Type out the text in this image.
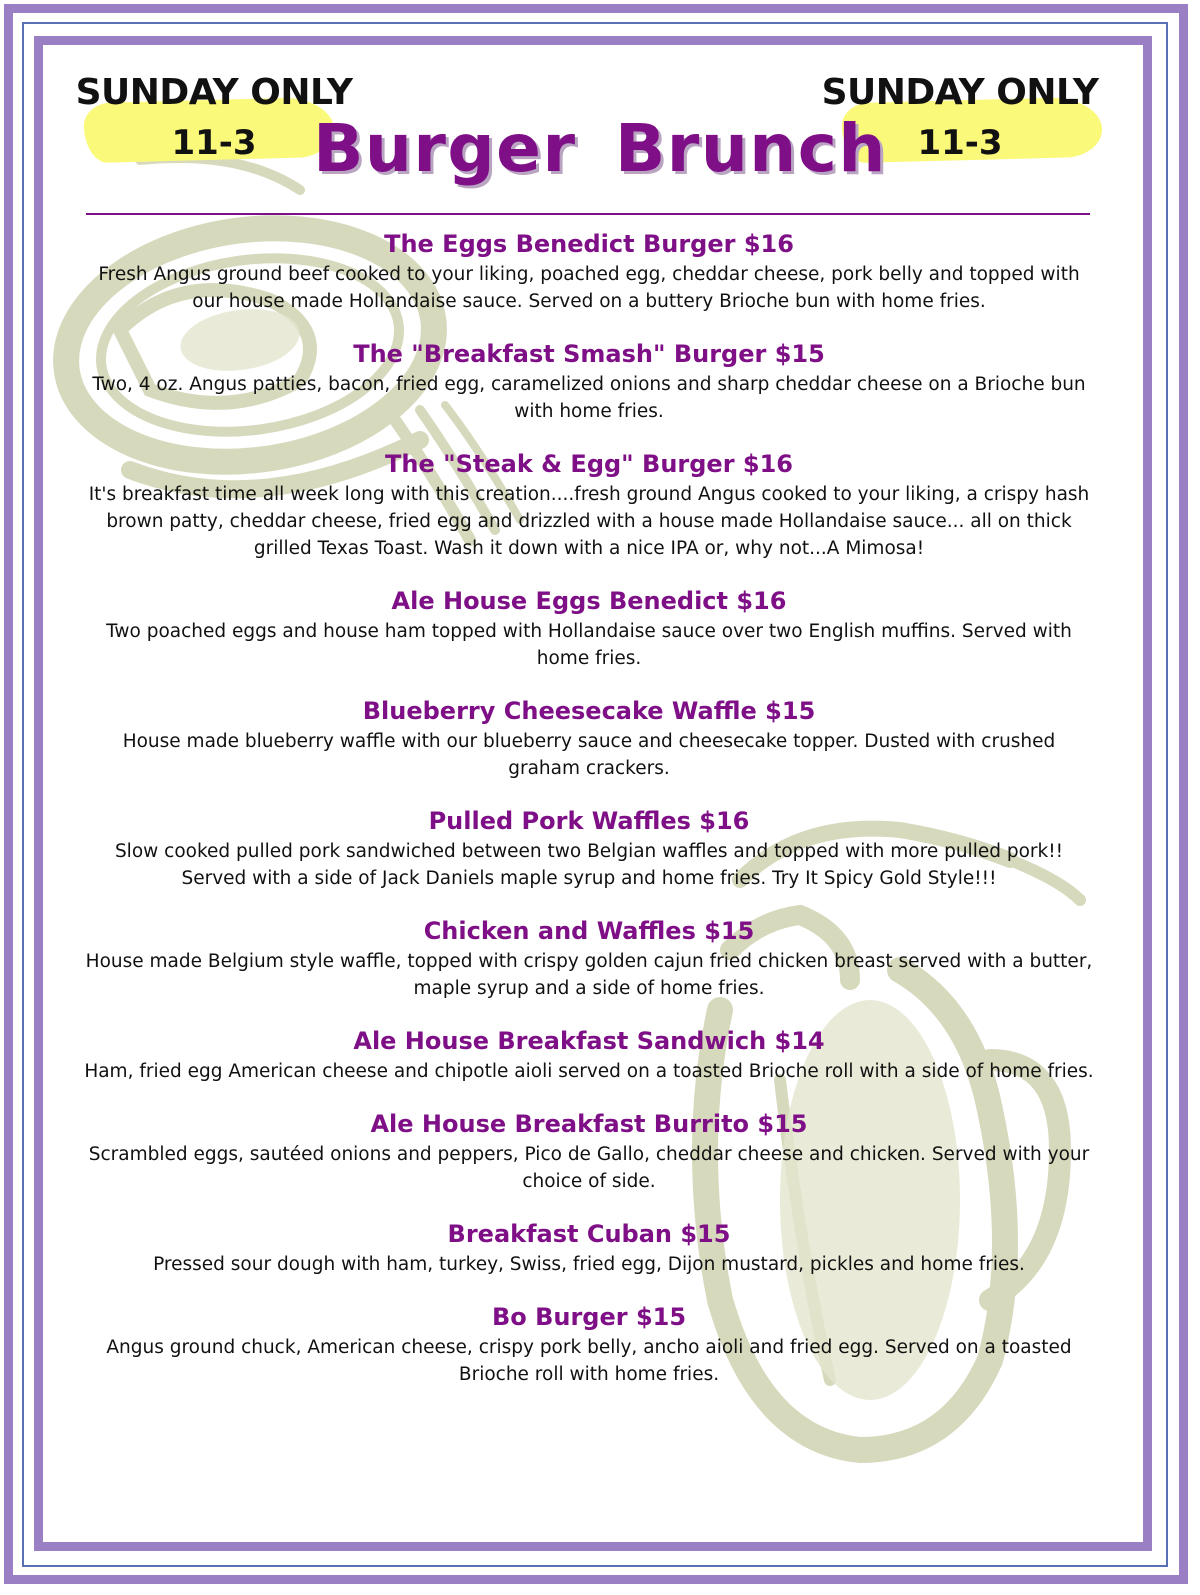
SUNDAY ONLY
11-3
SUNDAY ONLY
11-3
Burger Brunch
The Eggs Benedict Burger $16
Fresh Angus ground beef cooked to your liking, poached egg, cheddar cheese, pork belly and topped with our house made Hollandaise sauce. Served on a buttery Brioche bun with home fries.
The "Breakfast Smash" Burger $15
Two, 4 oz. Angus patties, bacon, fried egg, caramelized onions and sharp cheddar cheese on a Brioche bun with home fries.
The "Steak & Egg" Burger $16
It's breakfast time all week long with this creation....fresh ground Angus cooked to your liking, a crispy hash brown patty, cheddar cheese, fried egg and drizzled with a house made Hollandaise sauce... all on thick grilled Texas Toast. Wash it down with a nice IPA or, why not...A Mimosa!
Ale House Eggs Benedict $16
Two poached eggs and house ham topped with Hollandaise sauce over two English muffins. Served with home fries.
Blueberry Cheesecake Waffle $15
House made blueberry waffle with our blueberry sauce and cheesecake topper. Dusted with crushed graham crackers.
Pulled Pork Waffles $16
Slow cooked pulled pork sandwiched between two Belgian waffles and topped with more pulled pork!! Served with a side of Jack Daniels maple syrup and home fries. Try It Spicy Gold Style!!!
Chicken and Waffles $15
House made Belgium style waffle, topped with crispy golden cajun fried chicken breast served with a butter, maple syrup and a side of home fries.
Ale House Breakfast Sandwich $14
Ham, fried egg American cheese and chipotle aioli served on a toasted Brioche roll with a side of home fries.
Ale House Breakfast Burrito $15
Scrambled eggs, sautéed onions and peppers, Pico de Gallo, cheddar cheese and chicken. Served with your choice of side.
Breakfast Cuban $15
Pressed sour dough with ham, turkey, Swiss, fried egg, Dijon mustard, pickles and home fries.
Bo Burger $15
Angus ground chuck, American cheese, crispy pork belly, ancho aioli and fried egg. Served on a toasted Brioche roll with home fries.
